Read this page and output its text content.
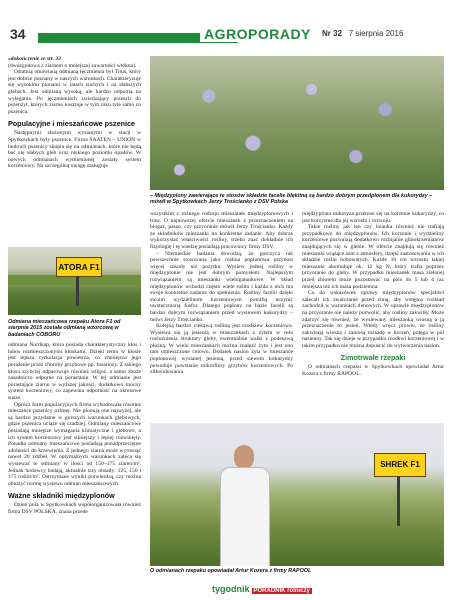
34	AGROPORADY	Nr 32 7 sierpnia 2016
»dokończenie ze str. 33

(dwuzgodowa z ziarnem o mniejszej zawartości włókna).

Ostatnią omawianą odmianą łęczmienia był Titus, który jest dobrze poznany w naszych warunkach. Charakteryzuje się wysokimi plonami w latach suchych i na słabszych glebach. Jest odmianą wysoką, ale bardzo odporną na wyleganie. Po jęczmieniach zwiedzający przeszli do pszenżyt, których ziarno kosztuje w tym roku tyle samo co pszenica.

Populacyjne i mieszańcowe pszenice

Następnymi złożonymi wysianymi w stacji w Spytkowkach były pszenice. Firma SAATEN – UNION w hodowli pszenicy skupia się na odmianach, które nie będą bać się słabych gleb oraz niskiego poziomu opadów. W nowych odmianach wymienionej zostały system korzeniowy. Na szczególną uwagę zasługuje

ATORA F1
Odmiana mieszańcowa rzepaku Atora F1 od sierpnia 2015 została odmianą wzorcową w badaniach COBORU

odmiana Nordkap, która posiada charakterystyczny kłos i lubos rozmieszczonymi kłoskami. Dzięki temu w kłosie jest lepsza cyrkulacja powietrza, co zmniejsza jego porażenie przez choroby grzybowe pp. fusariozy. Z takiego kłosu szybciej odparowuje również wilgoć, a samo zboże zasadniczo odporne na porastanie. W tej odmianie jest porastające ziarno w wyższej jakości, dodatkowo mocny system korzeniowy, co zapewnia odporność na okresowe susze.

Oprócz form populacyjnych firma wyhodowała również mieszańce pszenicy ozimej. Nie plonują one najwyżej, ale są bardzo przydatne w gorszych warunkach glebowych, gdzie pszenica uciąże się rzadziej. Odmiany mieszańcowe posiadają mniejsze wymagania klimatyczne i glebowe, a ich system korzeniowy jest silniejszy i lepiej rozwinięty. Ponadto odmiany mieszańcowe posiadają ponadprzeciętne zdolności do krzewienia. Z jednego ziarna może wyrosnąć nawet 20 źdźbeł. W optymalnych warunkach zaleca się wysiewać te odmiany w ilości od 150–175 ziaren/m². Jednak hodowcy badają, aktualnie trzy obsady: 125, 150 i 175 roślin/m². Ostrzymane wyniki potwierdzą, czy można obniżyć normę wysiewu odmian mieszańcowych.

Ważne składniki międzyplonów

Dzień pola w Spytkowkach współorganizowała również firma DSV POLSKA, znana przede

– Międzyplony zawierające te stosów składzie facelie błękitną są bardzo dobrym przedplonem dla kukurydzy – mówił w Spytkowkach Jerzy Trościanko z DSV Polska

wszystkim z różnego rodzaju mieszanek międzyplonowych i traw. O najnowszej ofercie mieszanek z przeznaczeniem na biogaz, pasze, czy przyoranie mówił Jerzy Trościanko. Każdy ze składników mieszanki na konkretne zadanie. Aby dobrze wykorzystać właściwości rośliny, trzeba znać dokładnie ich fizjologię i tę wiedzę posiadają pracownicy firmy DSV.

– Niemieckie badania dowodzą, że gorczyca tak powszechnie stosowana jako roślina poplonowa przynosi więcej szkody niż pożytku. Wysiew jednej rośliny w międzyplonie nie jest dobrym pomysłem. Najlepszym rozwiązaniem są mieszanki wielogatunkowe. W skład międzyplonów wchodzi często wiele roślin i każda z nich ma swoje konkretne zadanie do spełnienia. Rośliny facelii dzięki swoim wydzielinom korzeniowym potrafią uczynić uwstecznioną fosfor. Dlatego poplony na bazie facelii są bardzo dobrym rozwiązaniem przed wysiewem kukurydzy – mówi Jerzy Trościanko.

Kolejną bardzo ciekawą rośliną jest rzodkiew korzeniowa. Wysiewa się ją jesienią w mieszankach z żytem w celu rozluźnienia struktury gleby, ewentualnie walki z podeszwą płużną. W wielu mieszankach można znaleźć żyto i jest ono tam umieszczone celowo. Dodatek nasion żyta w mieszance poplonowej wysianej jesienią, przed siewem kukurydzy powoduje powstanie mikroflory grzybów korzeniowych. Po zlikwidowaniu

międzyplonu mikoryza przenosi się na korzenie kukurydzy, co jest korzystne dla jej wzrostu i rozwoju.

Takie rośliny jak len czy lnianka również nie trafiają przypadkowo do międzyplonów. Ich korzenie i wydzieliny korzeniowe pozwalają dodatkowo rozbijanie glinokrzemianów znajdujących się w glebie. W ofercie znajdują się również mieszanki wiążące azot z atmosfery, dzięki zastosowaniu w ich składzie roślin bobowatych. Każde 10 cm wzrostu takiej mieszanki akumuluje ok. 12 kg N, który trafia poprzez przyoranie do gleby. W przypadku mieszanek masa zielonej przed zbiorem może pozostawać na polu do 5 lub 4 raz mniejsza niż ich masa podziemna.

Co do wskazówek uprawy międzyplonów specjaliści zalecali ich zwalczanie przed zimą, aby wstępny rozkład zachodził w warunkach tlenowych. W uprawie międzyplonów na przyoranie nie należy pozwolić, aby rośliny zakwitły. Może zdarzyć się również, że wysiewany mieszanką wiosną a ją przeznaczenie to jesień. Wtedy wręcz prowie, że rośliny zakwitają wiosną i zaniosą rozsadę w korzeń, potęga w pól nasienny. Tak się dzieje w przypadku rzodkwi korzeniowej i w takim przypadku nie można dopuścić do wytworzenia nasion.

Zimotrwałe rzepaki

O odmianach rzepaku w Spytkowkach opowiadał Artur Kozera z firmy RAPOOL.

SHREK F1
O odmianach rzepaku opowiadał Artur Kozera z firmy RAPOOL
tygodnik PORADNIK rolniczy
